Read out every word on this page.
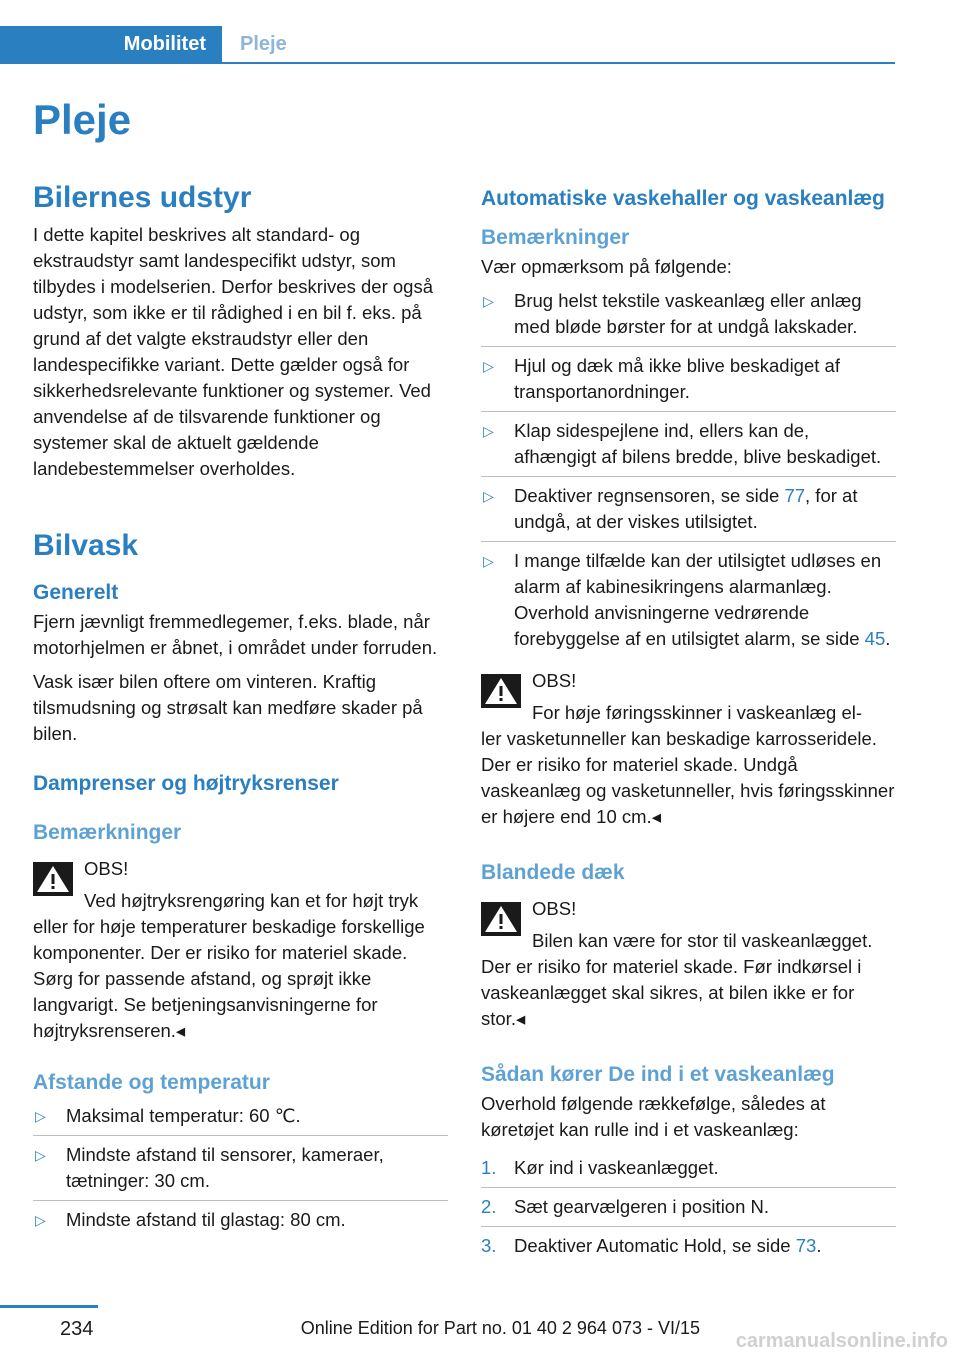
Mobilitet Pleje
Pleje
Bilernes udstyr

I dette kapitel beskrives alt standard- og ekstraudstyr samt landespecifikt udstyr, som tilbydes i modelserien. Derfor beskrives der også udstyr, som ikke er til rådighed i en bil f. eks. på grund af det valgte ekstraudstyr eller den landespecifikke variant. Dette gælder også for sikkerhedsrelevante funktioner og systemer. Ved anvendelse af de tilsvarende funktioner og systemer skal de aktuelt gældende landebestemmelser overholdes.

Bilvask
Generelt

Fjern jævnligt fremmedlegemer, f.eks. blade, når motorhjelmen er åbnet, i området under forruden.

Vask især bilen oftere om vinteren. Kraftig tilsmudsning og strøsalt kan medføre skader på bilen.

Damprenser og højtryksrenser
Bemærkninger

OBS!

Ved højtryksrengøring kan et for højt tryk

eller for høje temperaturer beskadige forskellige komponenter. Der er risiko for materiel skade. Sørg for passende afstand, og sprøjt ikke langvarigt. Se betjeningsanvisningerne for højtryksrenseren.◂

Afstande og temperatur
▷ Maksimal temperatur: 60 ℃.
▷ Mindste afstand til sensorer, kameraer, tætninger: 30 cm.
▷ Mindste afstand til glastag: 80 cm.
Automatiske vaskehaller og vaskeanlæg
Bemærkninger

Vær opmærksom på følgende:

▷ Brug helst tekstile vaskeanlæg eller anlæg med bløde børster for at undgå lakskader.
▷ Hjul og dæk må ikke blive beskadiget af transportanordninger.
▷ Klap sidespejlene ind, ellers kan de, afhængigt af bilens bredde, blive beskadiget.
▷ Deaktiver regnsensoren, se side 77, for at undgå, at der viskes utilsigtet.
▷ I mange tilfælde kan der utilsigtet udløses en alarm af kabinesikringens alarmanlæg. Overhold anvisningerne vedrørende forebyggelse af en utilsigtet alarm, se side 45.

OBS!

For høje føringsskinner i vaskeanlæg el-

ler vasketunneller kan beskadige karrosseridele. Der er risiko for materiel skade. Undgå vaskeanlæg og vasketunneller, hvis føringsskinner er højere end 10 cm.◂

Blandede dæk

OBS!

Bilen kan være for stor til vaskeanlægget.

Der er risiko for materiel skade. Før indkørsel i vaskeanlægget skal sikres, at bilen ikke er for stor.◂

Sådan kører De ind i et vaskeanlæg

Overhold følgende rækkefølge, således at køretøjet kan rulle ind i et vaskeanlæg:

1. Kør ind i vaskeanlægget.
2. Sæt gearvælgeren i position N.
3. Deaktiver Automatic Hold, se side 73.
234	Online Edition for Part no. 01 40 2 964 073 - VI/15
carmanualsonline.info
